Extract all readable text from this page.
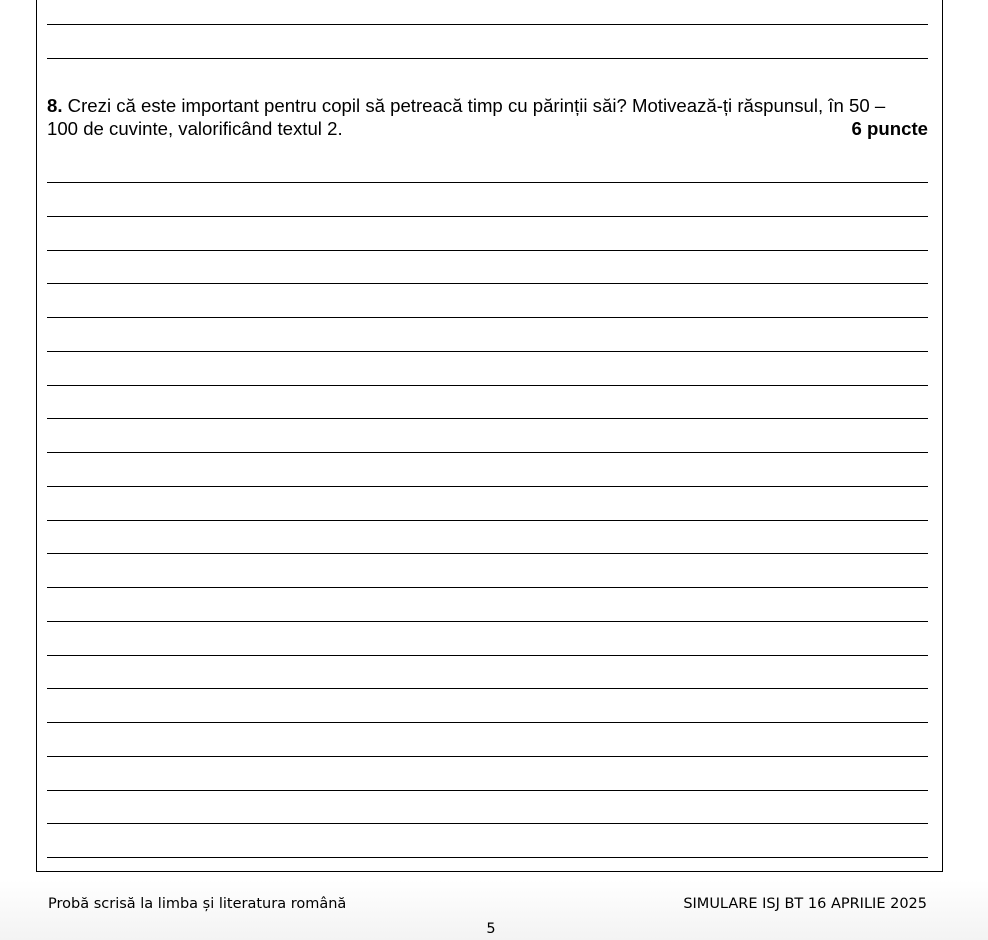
8. Crezi că este important pentru copil să petreacă timp cu părinții săi? Motivează-ți răspunsul, în 50 –
100 de cuvinte, valorificând textul 2.	6 puncte
Probă scrisă la limba și literatura română	SIMULARE ISJ BT 16 APRILIE 2025
5
